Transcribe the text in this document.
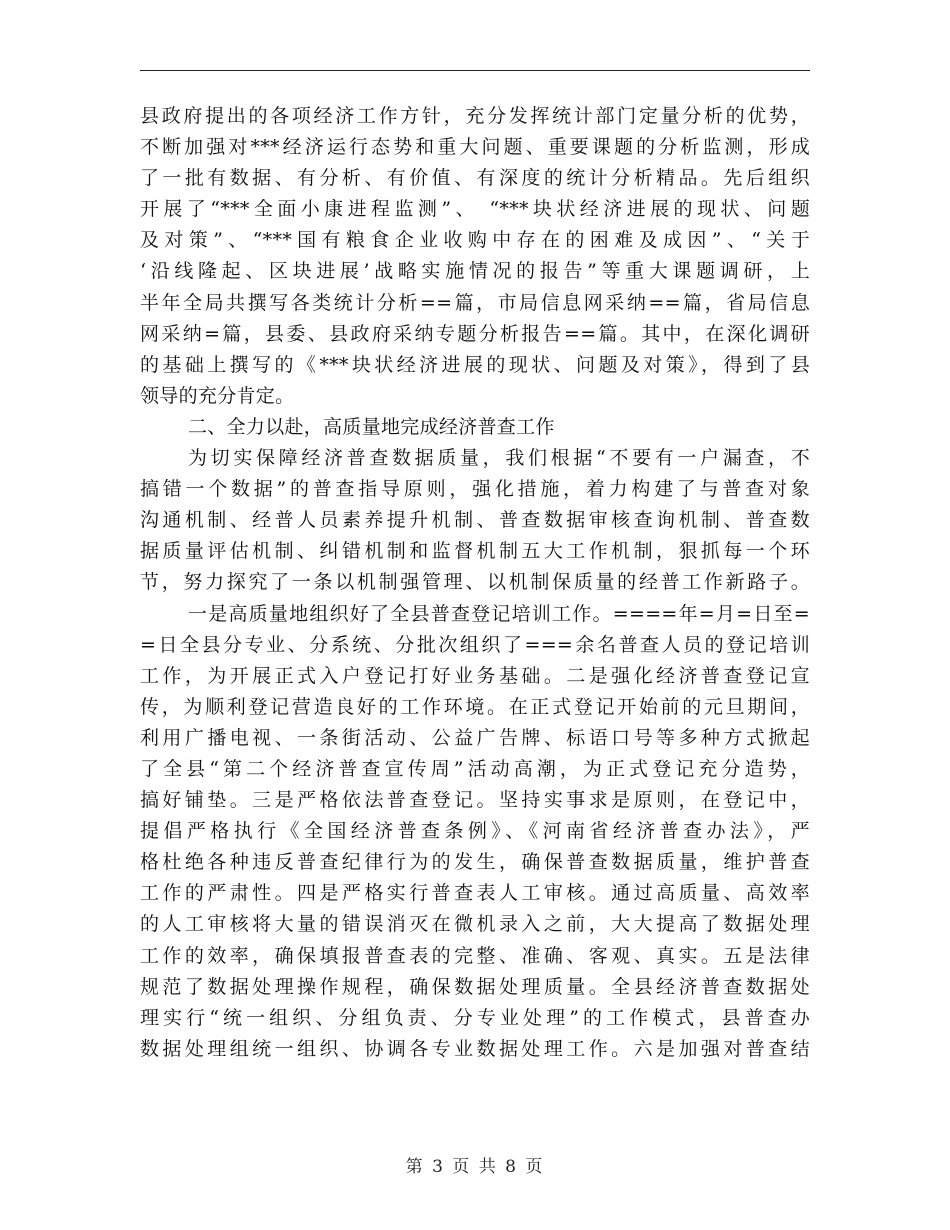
县政府提出的各项经济工作方针，充分发挥统计部门定量分析的优势，
不断加强对***经济运行态势和重大问题、重要课题的分析监测，形成
了一批有数据、有分析、有价值、有深度的统计分析精品。先后组织
开展了“***全面小康进程监测”、 “***块状经济进展的现状、问题
及对策”、“***国有粮食企业收购中存在的困难及成因”、“关于
‘沿线隆起、区块进展’战略实施情况的报告”等重大课题调研，上
半年全局共撰写各类统计分析==篇，市局信息网采纳==篇，省局信息
网采纳=篇，县委、县政府采纳专题分析报告==篇。其中，在深化调研
的基础上撰写的《***块状经济进展的现状、问题及对策》，得到了县
领导的充分肯定。
二、全力以赴，高质量地完成经济普查工作
为切实保障经济普查数据质量，我们根据“不要有一户漏查，不
搞错一个数据”的普查指导原则，强化措施，着力构建了与普查对象
沟通机制、经普人员素养提升机制、普查数据审核查询机制、普查数
据质量评估机制、纠错机制和监督机制五大工作机制，狠抓每一个环
节，努力探究了一条以机制强管理、以机制保质量的经普工作新路子。
一是高质量地组织好了全县普查登记培训工作。====年=月=日至=
=日全县分专业、分系统、分批次组织了===余名普查人员的登记培训
工作，为开展正式入户登记打好业务基础。二是强化经济普查登记宣
传，为顺利登记营造良好的工作环境。在正式登记开始前的元旦期间，
利用广播电视、一条街活动、公益广告牌、标语口号等多种方式掀起
了全县“第二个经济普查宣传周”活动高潮，为正式登记充分造势，
搞好铺垫。三是严格依法普查登记。坚持实事求是原则，在登记中，
提倡严格执行《全国经济普查条例》、《河南省经济普查办法》，严
格杜绝各种违反普查纪律行为的发生，确保普查数据质量，维护普查
工作的严肃性。四是严格实行普查表人工审核。通过高质量、高效率
的人工审核将大量的错误消灭在微机录入之前，大大提高了数据处理
工作的效率，确保填报普查表的完整、准确、客观、真实。五是法律
规范了数据处理操作规程，确保数据处理质量。全县经济普查数据处
理实行“统一组织、分组负责、分专业处理”的工作模式，县普查办
数据处理组统一组织、协调各专业数据处理工作。六是加强对普查结
第 3 页 共 8 页
